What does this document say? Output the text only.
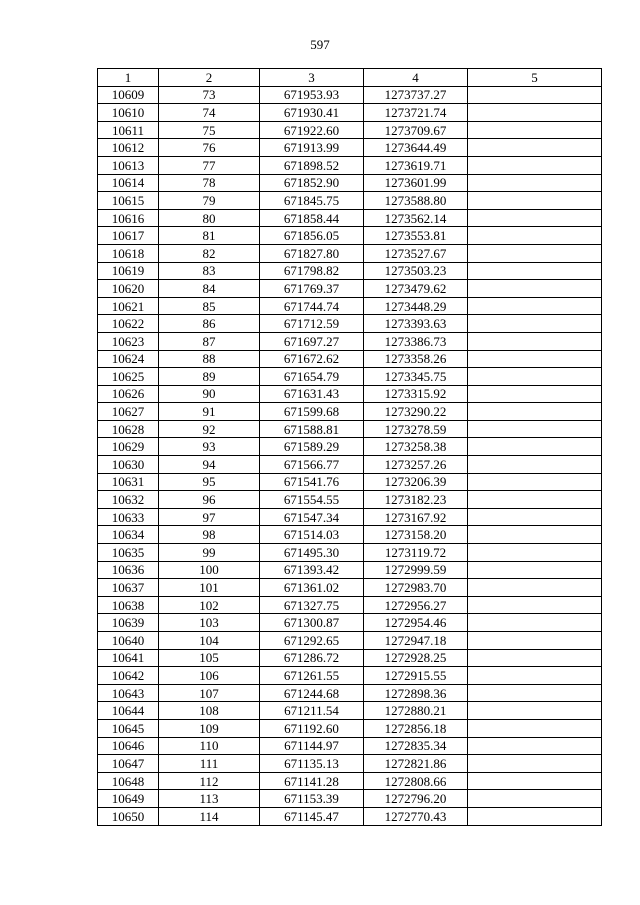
597
1	2	3	4	5
10609	73	671953.93	1273737.27	
10610	74	671930.41	1273721.74	
10611	75	671922.60	1273709.67	
10612	76	671913.99	1273644.49	
10613	77	671898.52	1273619.71	
10614	78	671852.90	1273601.99	
10615	79	671845.75	1273588.80	
10616	80	671858.44	1273562.14	
10617	81	671856.05	1273553.81	
10618	82	671827.80	1273527.67	
10619	83	671798.82	1273503.23	
10620	84	671769.37	1273479.62	
10621	85	671744.74	1273448.29	
10622	86	671712.59	1273393.63	
10623	87	671697.27	1273386.73	
10624	88	671672.62	1273358.26	
10625	89	671654.79	1273345.75	
10626	90	671631.43	1273315.92	
10627	91	671599.68	1273290.22	
10628	92	671588.81	1273278.59	
10629	93	671589.29	1273258.38	
10630	94	671566.77	1273257.26	
10631	95	671541.76	1273206.39	
10632	96	671554.55	1273182.23	
10633	97	671547.34	1273167.92	
10634	98	671514.03	1273158.20	
10635	99	671495.30	1273119.72	
10636	100	671393.42	1272999.59	
10637	101	671361.02	1272983.70	
10638	102	671327.75	1272956.27	
10639	103	671300.87	1272954.46	
10640	104	671292.65	1272947.18	
10641	105	671286.72	1272928.25	
10642	106	671261.55	1272915.55	
10643	107	671244.68	1272898.36	
10644	108	671211.54	1272880.21	
10645	109	671192.60	1272856.18	
10646	110	671144.97	1272835.34	
10647	111	671135.13	1272821.86	
10648	112	671141.28	1272808.66	
10649	113	671153.39	1272796.20	
10650	114	671145.47	1272770.43	
